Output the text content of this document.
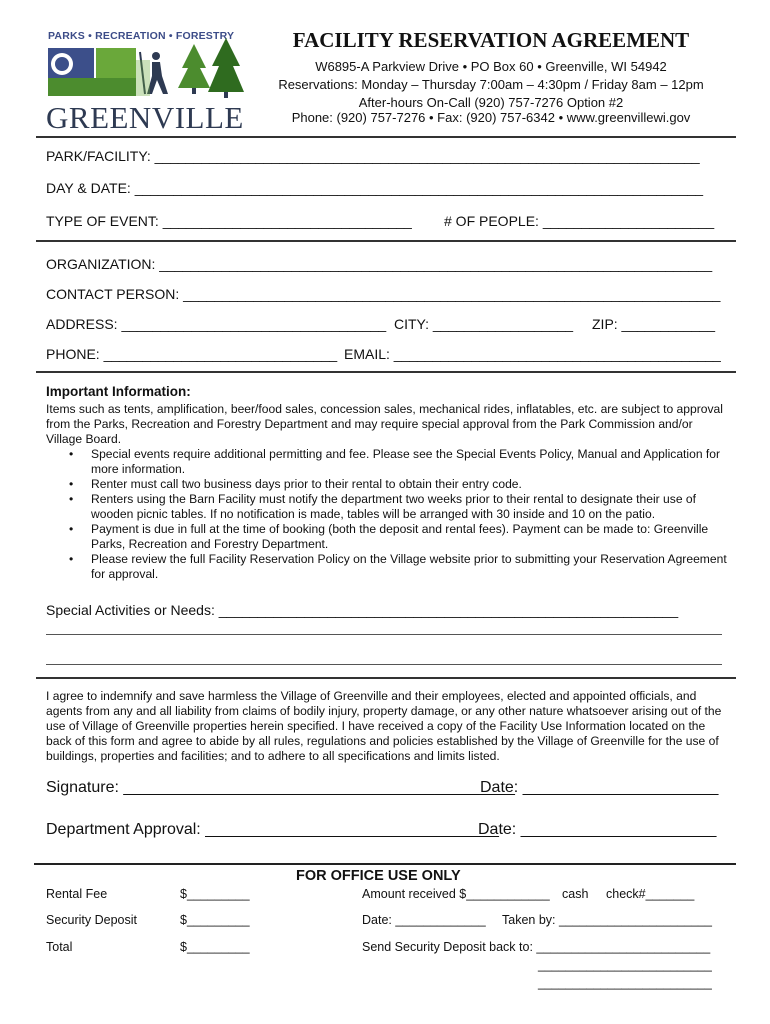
PARKS • RECREATION • FORESTRY
GREENVILLE
FACILITY RESERVATION AGREEMENT
W6895-A Parkview Drive • PO Box 60 • Greenville, WI 54942
Reservations: Monday – Thursday 7:00am – 4:30pm / Friday 8am – 12pm
After-hours On-Call (920) 757-7276 Option #2
Phone: (920) 757-7276 • Fax: (920) 757-6342 • www.greenvillewi.gov
PARK/FACILITY: ______________________________________________________________________
DAY & DATE: _________________________________________________________________________
TYPE OF EVENT: ________________________________ # OF PEOPLE: ______________________
ORGANIZATION: _______________________________________________________________________
CONTACT PERSON: _____________________________________________________________________
ADDRESS: __________________________________ CITY: __________________ ZIP: ____________
PHONE: ______________________________ EMAIL: __________________________________________
Important Information:
Items such as tents, amplification, beer/food sales, concession sales, mechanical rides, inflatables, etc. are subject to approval from the Parks, Recreation and Forestry Department and may require special approval from the Park Commission and/or Village Board.
• Special events require additional permitting and fee. Please see the Special Events Policy, Manual and Application for more information.
• Renter must call two business days prior to their rental to obtain their entry code.
• Renters using the Barn Facility must notify the department two weeks prior to their rental to designate their use of wooden picnic tables. If no notification is made, tables will be arranged with 30 inside and 10 on the patio.
• Payment is due in full at the time of booking (both the deposit and rental fees). Payment can be made to: Greenville Parks, Recreation and Forestry Department.
• Please review the full Facility Reservation Policy on the Village website prior to submitting your Reservation Agreement for approval.
Special Activities or Needs: ___________________________________________________________
I agree to indemnify and save harmless the Village of Greenville and their employees, elected and appointed officials, and agents from any and all liability from claims of bodily injury, property damage, or any other nature whatsoever arising out of the use of Village of Greenville properties herein specified. I have received a copy of the Facility Use Information located on the back of this form and agree to abide by all rules, regulations and policies established by the Village of Greenville for the use of buildings, properties and facilities; and to adhere to all specifications and limits listed.
Signature: ____________________________________________
Date: ______________________
Department Approval: _________________________________
Date: ______________________
FOR OFFICE USE ONLY
Rental Fee	$_________	Amount received $____________ cash check#_______
Security Deposit	$_________	Date: _____________ Taken by: ______________________
Total	$_________	Send Security Deposit back to: _________________________
_________________________
_________________________
